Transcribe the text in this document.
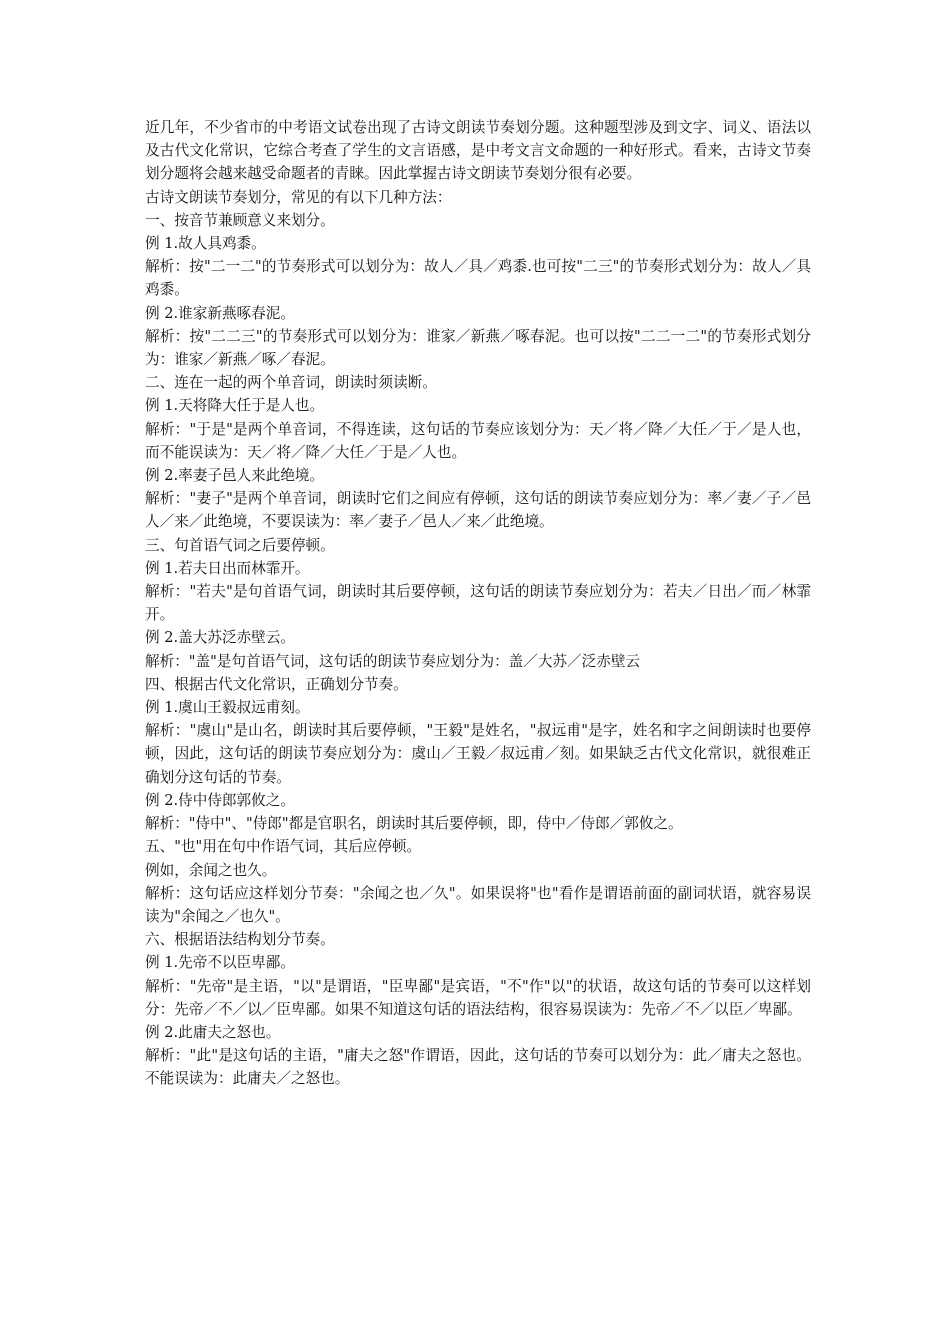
近几年，不少省市的中考语文试卷出现了古诗文朗读节奏划分题。这种题型涉及到文字、词义、语法以及古代文化常识，它综合考查了学生的文言语感，是中考文言文命题的一种好形式。看来，古诗文节奏划分题将会越来越受命题者的青睐。因此掌握古诗文朗读节奏划分很有必要。

古诗文朗读节奏划分，常见的有以下几种方法：

一、按音节兼顾意义来划分。

例 1.故人具鸡黍。

解析：按"二一二"的节奏形式可以划分为：故人／具／鸡黍.也可按"二三"的节奏形式划分为：故人／具鸡黍。

例 2.谁家新燕啄春泥。

解析：按"二二三"的节奏形式可以划分为：谁家／新燕／啄春泥。也可以按"二二一二"的节奏形式划分为：谁家／新燕／啄／春泥。

二、连在一起的两个单音词，朗读时须读断。

例 1.天将降大任于是人也。

解析："于是"是两个单音词，不得连读，这句话的节奏应该划分为：天／将／降／大任／于／是人也，而不能误读为：天／将／降／大任／于是／人也。

例 2.率妻子邑人来此绝境。

解析："妻子"是两个单音词，朗读时它们之间应有停顿，这句话的朗读节奏应划分为：率／妻／子／邑人／来／此绝境，不要误读为：率／妻子／邑人／来／此绝境。

三、句首语气词之后要停顿。

例 1.若夫日出而林霏开。

解析："若夫"是句首语气词，朗读时其后要停顿，这句话的朗读节奏应划分为：若夫／日出／而／林霏开。

例 2.盖大苏泛赤壁云。

解析："盖"是句首语气词，这句话的朗读节奏应划分为：盖／大苏／泛赤壁云

四、根据古代文化常识，正确划分节奏。

例 1.虞山王毅叔远甫刻。

解析："虞山"是山名，朗读时其后要停顿，"王毅"是姓名，"叔远甫"是字，姓名和字之间朗读时也要停顿，因此，这句话的朗读节奏应划分为：虞山／王毅／叔远甫／刻。如果缺乏古代文化常识，就很难正确划分这句话的节奏。

例 2.侍中侍郎郭攸之。

解析："侍中"、"侍郎"都是官职名，朗读时其后要停顿，即，侍中／侍郎／郭攸之。

五、"也"用在句中作语气词，其后应停顿。

例如，余闻之也久。

解析：这句话应这样划分节奏："余闻之也／久"。如果误将"也"看作是谓语前面的副词状语，就容易误读为"余闻之／也久"。

六、根据语法结构划分节奏。

例 1.先帝不以臣卑鄙。

解析："先帝"是主语，"以"是谓语，"臣卑鄙"是宾语，"不"作"以"的状语，故这句话的节奏可以这样划分：先帝／不／以／臣卑鄙。如果不知道这句话的语法结构，很容易误读为：先帝／不／以臣／卑鄙。

例 2.此庸夫之怒也。

解析："此"是这句话的主语，"庸夫之怒"作谓语，因此，这句话的节奏可以划分为：此／庸夫之怒也。不能误读为：此庸夫／之怒也。
